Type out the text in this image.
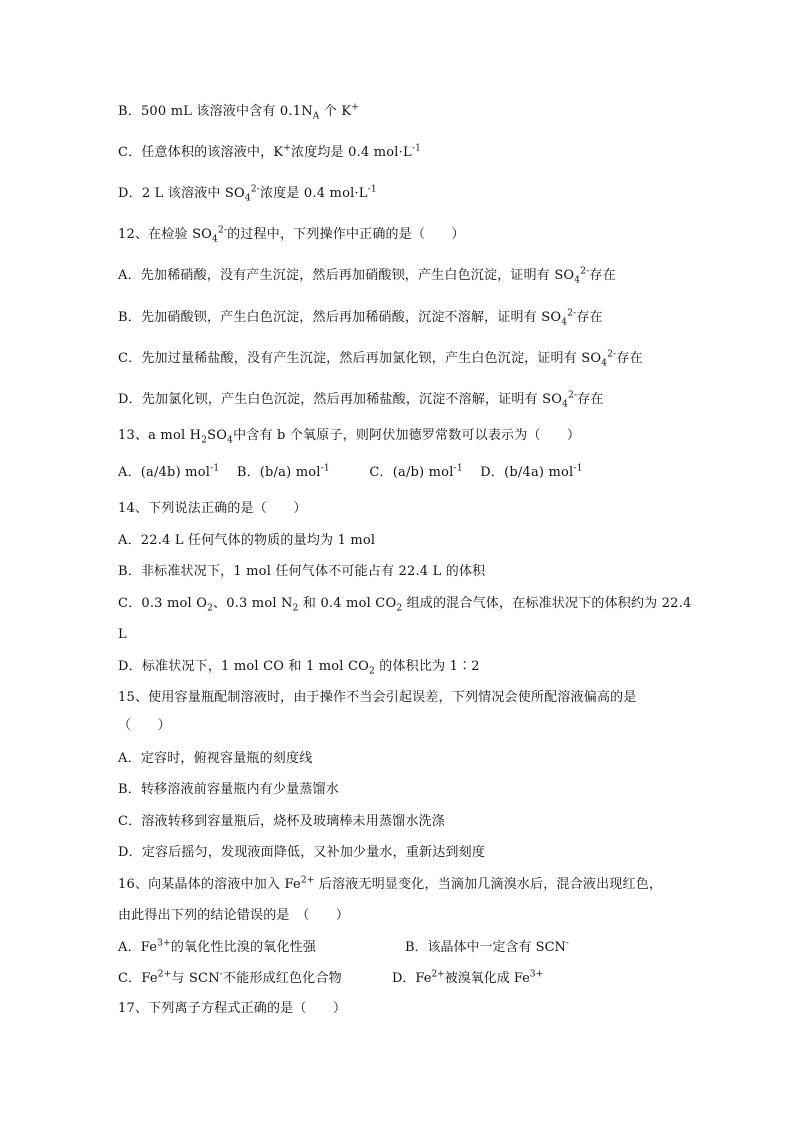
B．500 mL 该溶液中含有 $0.1N_A$ 个 K+
C．任意体积的该溶液中，K+浓度均是 0.4 $mol\cdot L^{-1}$
D．2 L 该溶液中 $SO_4^{2-}$浓度是 0.4 $mol\cdot L^{-1}$
12、在检验 $SO_4^{2-}$的过程中，下列操作中正确的是（　　）
A．先加稀硝酸，没有产生沉淀，然后再加硝酸钡，产生白色沉淀，证明有 $SO_4^{2-}$存在
B．先加硝酸钡，产生白色沉淀，然后再加稀硝酸，沉淀不溶解，证明有 $SO_4^{2-}$存在
C．先加过量稀盐酸，没有产生沉淀，然后再加氯化钡，产生白色沉淀，证明有 $SO_4^{2-}$存在
D．先加氯化钡，产生白色沉淀，然后再加稀盐酸，沉淀不溶解，证明有 $SO_4^{2-}$存在
13、a mol $H_2SO_4$中含有 b 个氧原子，则阿伏加德罗常数可以表示为（　　）
A．(a/4b) mol$^{-1}$　 B．(b/a) mol$^{-1}$　　　C．(a/b) mol$^{-1}$　 D．(b/4a) mol$^{-1}$
14、下列说法正确的是（　　）
A．22.4 L 任何气体的物质的量均为 1 mol
B．非标准状况下，1 mol 任何气体不可能占有 22.4 L 的体积
C．0.3 mol $O_2$、0.3 mol $N_2$ 和 0.4 mol $CO_2$ 组成的混合气体，在标准状况下的体积约为 22.4
L
D．标准状况下，1 mol CO 和 1 mol $CO_2$ 的体积比为 1∶2
15、使用容量瓶配制溶液时，由于操作不当会引起误差，下列情况会使所配溶液偏高的是
（　　）
A．定容时，俯视容量瓶的刻度线
B．转移溶液前容量瓶内有少量蒸馏水
C．溶液转移到容量瓶后，烧杯及玻璃棒未用蒸馏水洗涤
D．定容后摇匀，发现液面降低，又补加少量水，重新达到刻度
16、向某晶体的溶液中加入 $Fe^{2+}$ 后溶液无明显变化，当滴加几滴溴水后，混合液出现红色，
由此得出下列的结论错误的是　（　　）
A．$Fe^{3+}$的氧化性比溴的氧化性强	B．该晶体中一定含有 SCN-
C．$Fe^{2+}$与 SCN-不能形成红色化合物	D．$Fe^{2+}$被溴氧化成 $Fe^{3+}$
17、下列离子方程式正确的是（　　）
